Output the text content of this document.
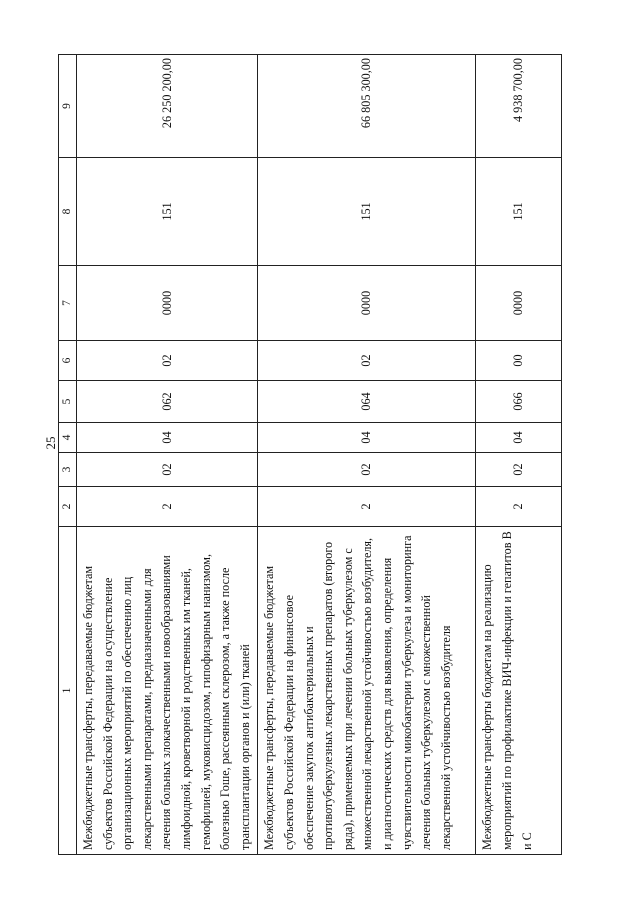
25
1	2	3	4	5	6	7	8	9

Межбюджетные трансферты, передаваемые бюджетам субъектов Российской Федерации на осуществление организационных мероприятий по обеспечению лиц лекарственными препаратами, предназначенными для лечения больных злокачественными новообразованиями лимфоидной, кроветворной и родственных им тканей, гемофилией, муковисцидозом, гипофизарным нанизмом, болезнью Гоше, рассеянным склерозом, а также после трансплантации органов и (или) тканей	2	02	04	062	02	0000	151	26 250 200,00

Межбюджетные трансферты, передаваемые бюджетам субъектов Российской Федерации на финансовое обеспечение закупок антибактериальных и противотуберкулезных лекарственных препаратов (второго ряда), применяемых при лечении больных туберкулезом с множественной лекарственной устойчивостью возбудителя, и диагностических средств для выявления, определения чувствительности микобактерии туберкулеза и мониторинга лечения больных туберкулезом с множественной лекарственной устойчивостью возбудителя	2	02	04	064	02	0000	151	66 805 300,00

Межбюджетные трансферты бюджетам на реализацию мероприятий по профилактике ВИЧ-инфекции и гепатитов B и C	2	02	04	066	00	0000	151	4 938 700,00
